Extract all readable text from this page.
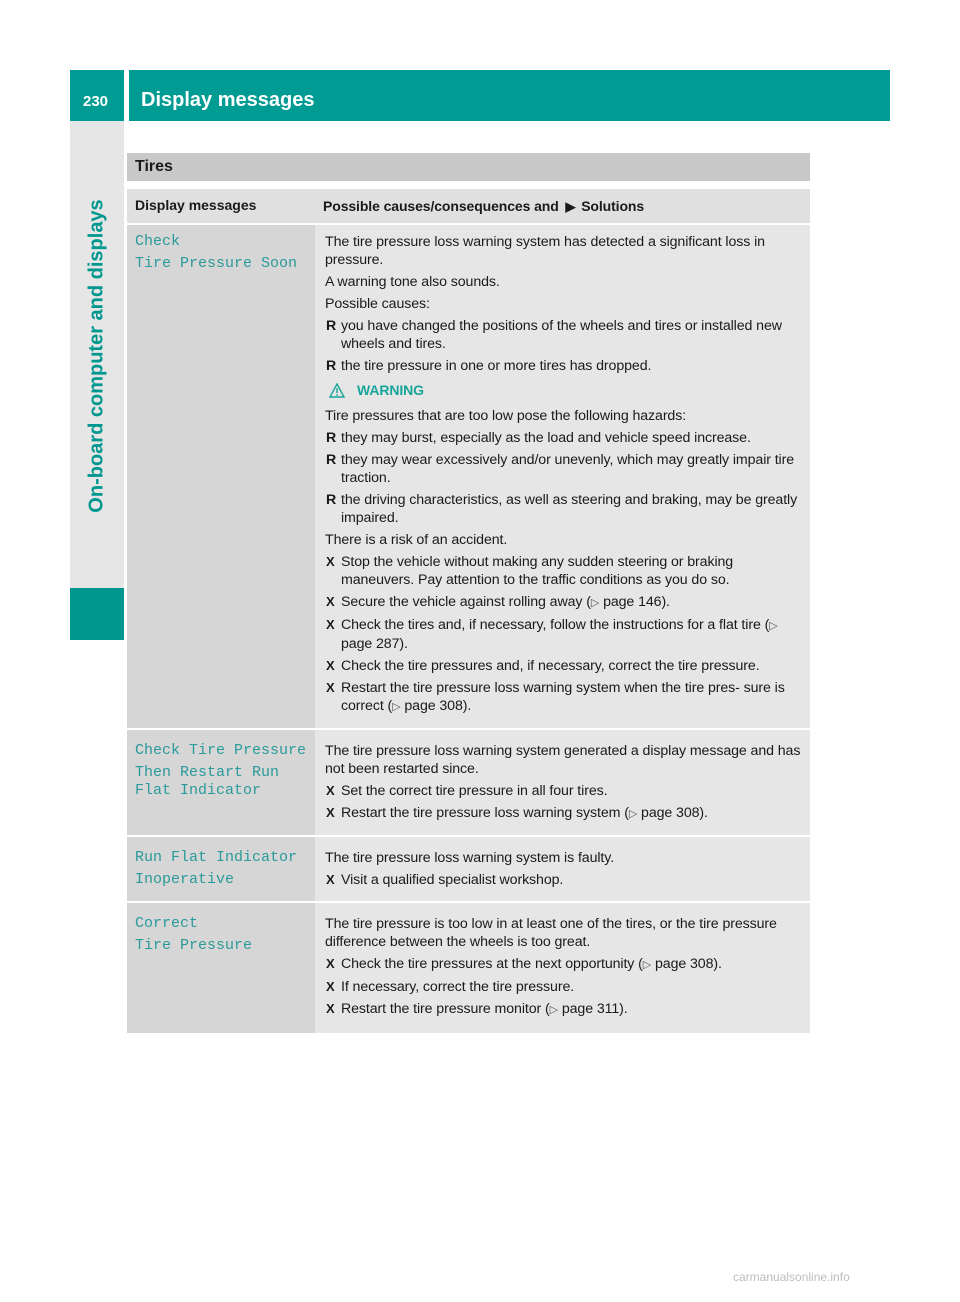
230	Display messages
On-board computer and displays
Tires
Display messages	Possible causes/consequences and ▶ Solutions
Check
Tire Pressure Soon

The tire pressure loss warning system has detected a significant loss in pressure.

A warning tone also sounds.

Possible causes:

R you have changed the positions of the wheels and tires or installed new wheels and tires.
R the tire pressure in one or more tires has dropped.
WARNING

Tire pressures that are too low pose the following hazards:

R they may burst, especially as the load and vehicle speed increase.
R they may wear excessively and/or unevenly, which may greatly impair tire traction.
R the driving characteristics, as well as steering and braking, may be greatly impaired.

There is a risk of an accident.

X Stop the vehicle without making any sudden steering or braking maneuvers. Pay attention to the traffic conditions as you do so.
X Secure the vehicle against rolling away (▷ page 146).
X Check the tires and, if necessary, follow the instructions for a flat tire (▷ page 287).
X Check the tire pressures and, if necessary, correct the tire pressure.
X Restart the tire pressure loss warning system when the tire pres- sure is correct (▷ page 308).
Check Tire Pressure
Then Restart Run
Flat Indicator

The tire pressure loss warning system generated a display message and has not been restarted since.

X Set the correct tire pressure in all four tires.
X Restart the tire pressure loss warning system (▷ page 308).
Run Flat Indicator
Inoperative

The tire pressure loss warning system is faulty.

X Visit a qualified specialist workshop.
Correct
Tire Pressure

The tire pressure is too low in at least one of the tires, or the tire pressure difference between the wheels is too great.

X Check the tire pressures at the next opportunity (▷ page 308).
X If necessary, correct the tire pressure.
X Restart the tire pressure monitor (▷ page 311).
carmanualsonline.info
